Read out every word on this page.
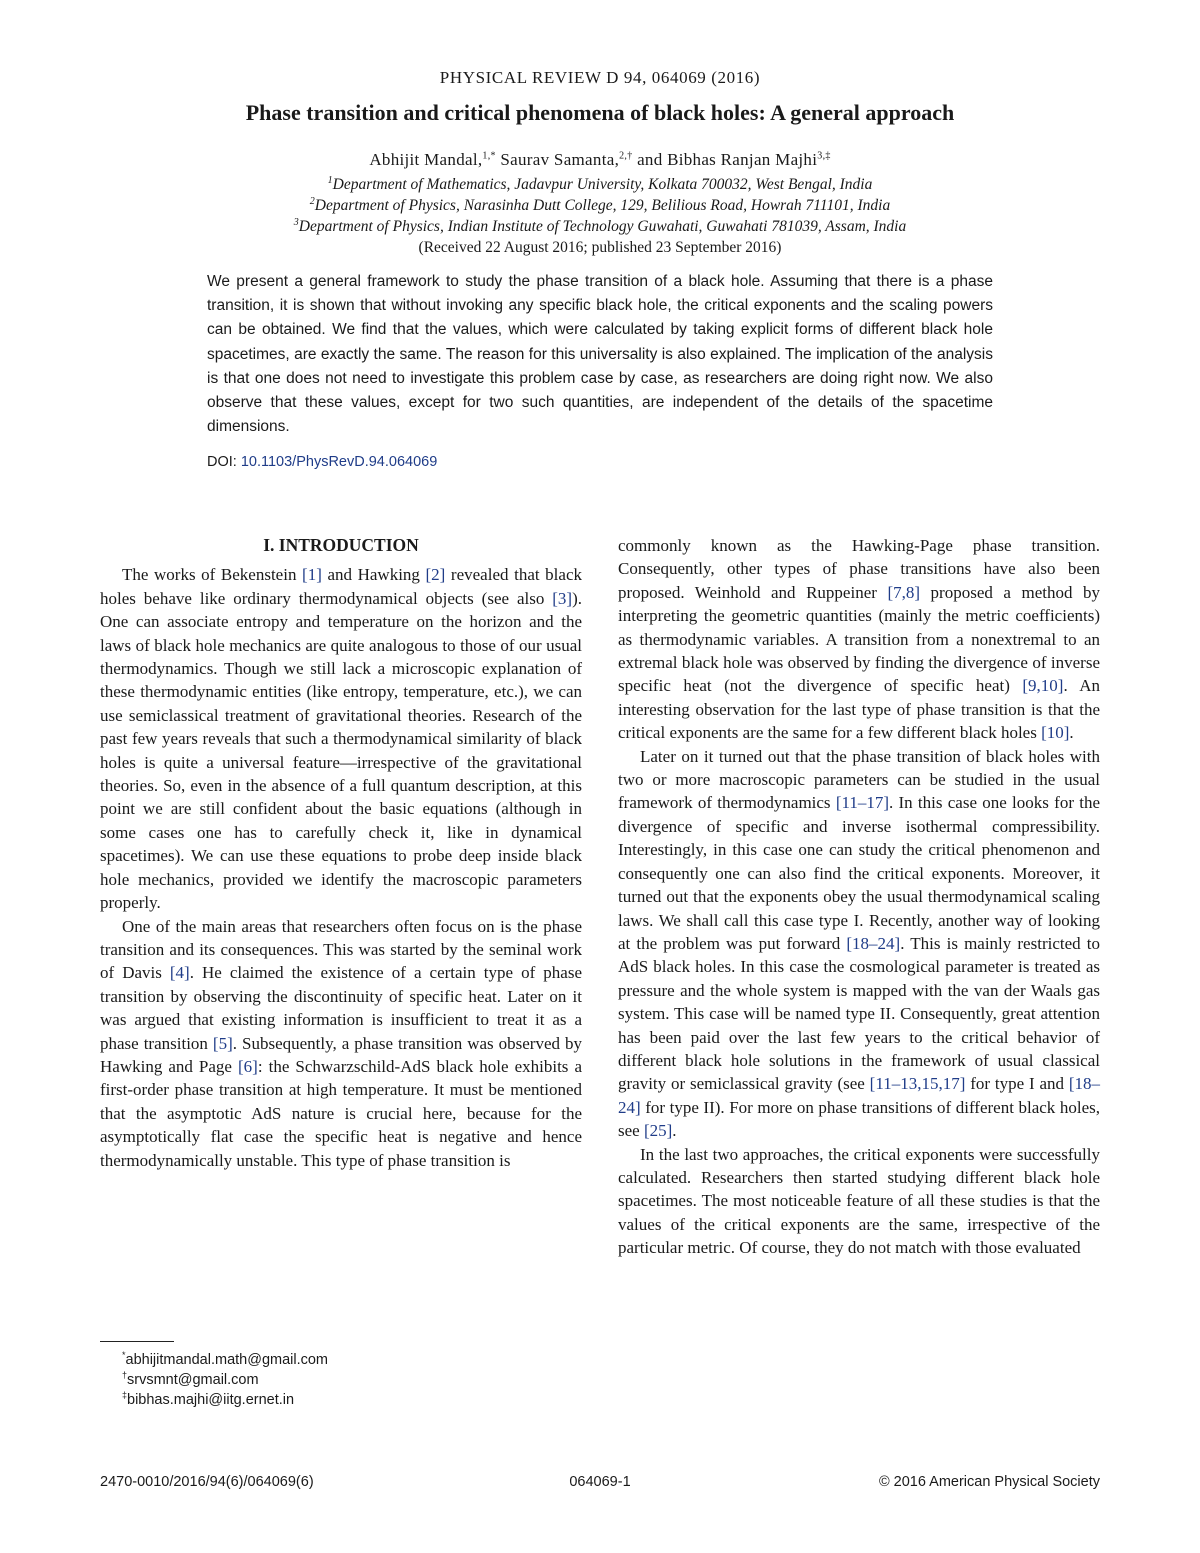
PHYSICAL REVIEW D 94, 064069 (2016)
Phase transition and critical phenomena of black holes: A general approach
Abhijit Mandal,$^{1,*}$ Saurav Samanta,$^{2,\dagger}$ and Bibhas Ranjan Majhi$^{3,\ddagger}$
$^1$Department of Mathematics, Jadavpur University, Kolkata 700032, West Bengal, India
$^2$Department of Physics, Narasinha Dutt College, 129, Belilious Road, Howrah 711101, India
$^3$Department of Physics, Indian Institute of Technology Guwahati, Guwahati 781039, Assam, India
(Received 22 August 2016; published 23 September 2016)
We present a general framework to study the phase transition of a black hole. Assuming that there is a phase transition, it is shown that without invoking any specific black hole, the critical exponents and the scaling powers can be obtained. We find that the values, which were calculated by taking explicit forms of different black hole spacetimes, are exactly the same. The reason for this universality is also explained. The implication of the analysis is that one does not need to investigate this problem case by case, as researchers are doing right now. We also observe that these values, except for two such quantities, are independent of the details of the spacetime dimensions.
DOI: 10.1103/PhysRevD.94.064069

I. INTRODUCTION

The works of Bekenstein [1] and Hawking [2] revealed that black holes behave like ordinary thermodynamical objects (see also [3]). One can associate entropy and temperature on the horizon and the laws of black hole mechanics are quite analogous to those of our usual thermodynamics. Though we still lack a microscopic explanation of these thermodynamic entities (like entropy, temperature, etc.), we can use semiclassical treatment of gravitational theories. Research of the past few years reveals that such a thermodynamical similarity of black holes is quite a universal feature—irrespective of the gravitational theories. So, even in the absence of a full quantum description, at this point we are still confident about the basic equations (although in some cases one has to carefully check it, like in dynamical spacetimes). We can use these equations to probe deep inside black hole mechanics, provided we identify the macroscopic parameters properly.

One of the main areas that researchers often focus on is the phase transition and its consequences. This was started by the seminal work of Davis [4]. He claimed the existence of a certain type of phase transition by observing the discontinuity of specific heat. Later on it was argued that existing information is insufficient to treat it as a phase transition [5]. Subsequently, a phase transition was observed by Hawking and Page [6]: the Schwarzschild-AdS black hole exhibits a first-order phase transition at high temperature. It must be mentioned that the asymptotic AdS nature is crucial here, because for the asymptotically flat case the specific heat is negative and hence thermodynamically unstable. This type of phase transition is

commonly known as the Hawking-Page phase transition. Consequently, other types of phase transitions have also been proposed. Weinhold and Ruppeiner [7,8] proposed a method by interpreting the geometric quantities (mainly the metric coefficients) as thermodynamic variables. A transition from a nonextremal to an extremal black hole was observed by finding the divergence of inverse specific heat (not the divergence of specific heat) [9,10]. An interesting observation for the last type of phase transition is that the critical exponents are the same for a few different black holes [10].

Later on it turned out that the phase transition of black holes with two or more macroscopic parameters can be studied in the usual framework of thermodynamics [11–17]. In this case one looks for the divergence of specific and inverse isothermal compressibility. Interestingly, in this case one can study the critical phenomenon and consequently one can also find the critical exponents. Moreover, it turned out that the exponents obey the usual thermodynamical scaling laws. We shall call this case type I. Recently, another way of looking at the problem was put forward [18–24]. This is mainly restricted to AdS black holes. In this case the cosmological parameter is treated as pressure and the whole system is mapped with the van der Waals gas system. This case will be named type II. Consequently, great attention has been paid over the last few years to the critical behavior of different black hole solutions in the framework of usual classical gravity or semiclassical gravity (see [11–13,15,17] for type I and [18–24] for type II). For more on phase transitions of different black holes, see [25].

In the last two approaches, the critical exponents were successfully calculated. Researchers then started studying different black hole spacetimes. The most noticeable feature of all these studies is that the values of the critical exponents are the same, irrespective of the particular metric. Of course, they do not match with those evaluated

*abhijitmandal.math@gmail.com
†srvsmnt@gmail.com
‡bibhas.majhi@iitg.ernet.in
2470-0010/2016/94(6)/064069(6)	064069-1	© 2016 American Physical Society
